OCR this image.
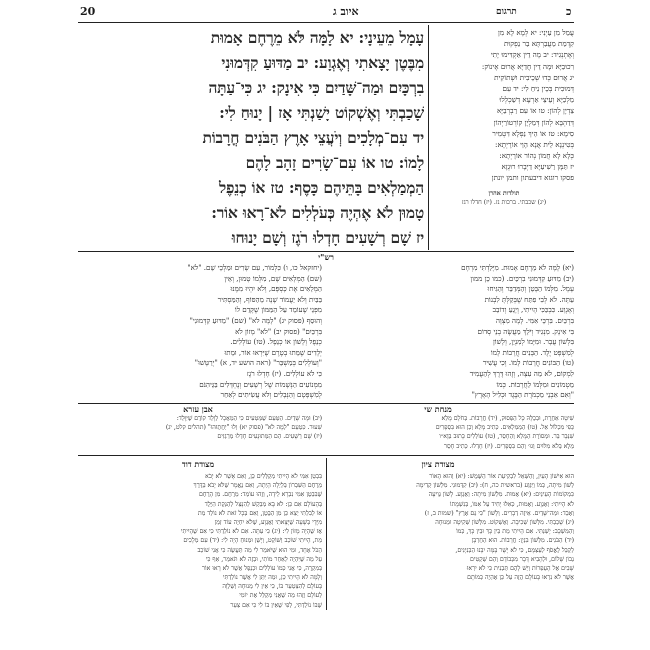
20	איוב ג	כ
תרגום
עָמָל מֵעֵינָי: יא לָמָּה לֹּא מֵרֶחֶם אָמוּת
מִבֶּטֶן יָצָאתִי וְאֶגְוָע: יב מַדּוּעַ קִדְּמוּנִי
בִרְכָּיִם וּמַה־שָּׁדַיִם כִּי אִינָק: יג כִּי־עַתָּה
שָׁכַבְתִּי וְאֶשְׁקוֹט יָשַׁנְתִּי אָז | יָנוּחַ לִי:
יד עִם־מְלָכִים וְיֹעֲצֵי אָרֶץ הַבֹּנִים חֳרָבוֹת
לָמוֹ: טו אוֹ עִם־שָׂרִים זָהָב לָהֶם
הַמְמַלְאִים בָּתֵּיהֶם כָּסֶף: טז אוֹ כְנֵפֶל
טָמוּן לֹא אֶהְיֶה כְּעֹלְלִים לֹא־רָאוּ אוֹר:
יז שָׁם רְשָׁעִים חָדְלוּ רֹגֶז וְשָׁם יָנוּחוּ
עֲמַל מִן עַיְנִי: יא לְמָא לָא מִן
קִדְמַת מַעֲבַרְתָּא בַר נַפְקוּת
וְאֶתְנְגִיד: יב מָה דֵין אַקְדִּימוּ יָתִי
רִכוּבַיָּא וּמָה דֵין חֲדַיָּא אֲרוּם אֶינוֹק:
יג אֲרוּם כְּדוּ שְׁכֵיבִית וּשְׁתוֹקִית
דְּמוּכִית בְּכֵין נִיחַ לִי: יד עִם
מַלְכַיָּא וְעֵיצֵי אַרְעָא דְשַׁכְלְלוּ
צַדְיָן לְהוֹן: טו אוֹ עִם רַבְרְבַיָּא
דְּדַהְבָּא לְהוֹן דְּמַלְיָן קוֹרְטוֹרַיְהוֹן
סִימָא: טז אוֹ הֵיךְ נַפְלָא דִּטְמִיר
בְּטִינְנָא לֵית אֲנָא הָוֵי אוֹרָיְתָא:
כְּלָא לָא חֲמוֹן נְהוֹר אוֹרָיְתָא:
יז תַּמָּן רַשִׁיעַיָּא דַיְבָרוּ רוּגְזָא
פסקו רוגזא דיבעתון ותמן יונתן
תולדות אהרן
(יג) שכבתי. ברכות נז. (יז) חדלו רגז
רש"י
(יא) לָמָּה לֹא מֵרֶחֶם אָמוּת. מִיָּלַדְתִּי מִרְחָם
(יב) מַדּוּעַ קִדְּמוּנִי בִרְכַּיִם. (כמו כֵן ממון
עָמָל. מִלְּמוֹ הַבָּטֵן וְהַמְּדַבֵּר וְהַגִּיחוּ
עַתָּה. לֹא לְבִי פִתַּח שֶׁבְּקַלְּתָּ לִבְנוֹת
וְאָגְוָע. כִּבְכַּכִּי הָיִיתִי, וְיָגֵעַ וְדוֹבֵב
בִּרְכַּיִם. בִּרְכֵּי אִמִּי. לָמָה מִצְוָה
בִּי אִינָק. מִנְגִיד וְיֹלֵךְ מַעֲשֶׂה בְנֵי סְדוֹם
בִּלְשׁוֹן עֲבָר. וּמִיָּמוֹ לְמִנְיַן, וְלָשׁוֹן
לְמִשְׁפָּט יֶלֶד. הַבָּנִים חֳרָבוֹת לָמוֹ
(טו) הַבּוֹנִים חֳרָבוֹת לָמוֹ. וְכִי עֲשִׁיר
לִמְקוֹם, לֹא מַה עִצָה, וְזֶהוּ דֶּרֶךְ לְהַעֲמִיד
מַטְמוֹנִים וּמִלְּמוֹ לַחֲרָבוֹת. כְּמוֹ
"וְאִם אַבְנֵי מַכְמֹרֶת הַבֶּגֶד וּכְלִיל הָאָרֶץ"
(יחזקאל כו, ו) כִּלְמוֹר, עִם שָׂרִים וּמַלְכֵי שֵׁם. "לֹא"
(שם) הַמְּלָאִים שָׁם, מִלְּמוֹ טָמוּן, וְאֵין
הַמְּלֵאִים אֶת כָּסְפָּם, וְלֹא יִהְיוּ מִמֶּנּוּ
בַּבַּיִת וְלֹא יַעֲמוֹד שָׁנָה מֵהַסּוֹף, וְהַמַּסְתִּיר
מִפְּנֵי שֶׁעוֹמֵד עַל הַמַּמּוֹן שֶׁקָּדַם לוֹ
וְהוּסַף (פסוק יג) "לָמָּה לֹא" (שם) "מַדּוּעַ קִדְּמוּנִי"
בִּרְכַּיִם" (פסוק יב) "לֹא" מָזוֹן לֹא
כְנֵפֶל וְלָשׁוֹן אוֹ כְנֵפֶל. (טז) עוֹלְלִים.
יְלָדִים שֶׁמֵּתוּ בְטֶרֶם שֶׁיִּרְאוּ אוֹר, וּמֵתוּ
"וְעוֹלְלִים בְּמַשְׁבֵּר" (ראה הושע יד, א) "יְרַטָּשׁוּ"
כִּי לֹא עוֹלְלִים. (יז) חָדְלוּ רֹגֶז
מִמְּנוֹעִים הַנְּשָׁמוֹת שֶׁל רְשָׁעִים וְנֶחְדָּלִים בַּגֵּיהִנֹּם
לְמִשְׁפָּטָם וְהַנְּבָלִים וְלֹא עֲשִׂיתִים לְאַחַר
מנחת שי
אבן עזרא
שִׁיטָה אַחֶרֶת, וּבְכֻלָּהּ כָּל הַפְּסוּק, (יד) חֳרָבוֹת. בְּחֹלָם מָלֵא
כְּפִי מִכְלוֹל אֵל. (טו) הַמְמַלְאִים. כְּתִיב מָלֵא וְכֵן הוּא בִּסְפָרִים
שִׁנְּבָר בְּר. וּמְסוֹרֶת הַמָּלֵא וְהַחָסֵר, (טז) עוֹלְלִים כָּתוּב בְּוָא״ו
מֵלֶא בְּלֹא מִלּוּיִם וְגוּ׳ וְהֵם בִּסְפָרִים. (יז) חָדְלוּ. כְּתִיב חָסֵר
(יב) וּמָה שָׁדַיִם. הַטַּעַם שֶׁמַּטְעִים כִּי הַמַּאֲכָל לְוָלַד קוֹדֶם שֶׁיִּוָּלֵד:
שִׁעוּר. כִּטַעַם "לְמָה לֹא" (פסוק יא) וְלוּ "יַחֲתֻוּהוּ" (תהלים קלט, יג)
(יז) שָׁם רְשָׁעִים. הֵם הַמְּתוּנָעִים חָדְלוּ מְרַגְזִים
מצודת ציון
מצודת דוד
הוּא אִישׁוֹן הָעַיִן, וְהַשְּׁאֵל לִבְקִיעַת אוֹר הַשֶּׁמֶשׁ: (יא) וְהוּא הָאוֹר
לְשׁוֹן מִיתָה, כְּמוֹ וַיִּגְוַע (בראשית כה, ח): (יב) קִדְּמוּנִי. מִלְּשׁוֹן קְדִימָה
כִּמְקוֹמוֹת הָעֵינַיִם: (יא) אָמוּת. מִלְּשׁוֹן מִיתָה: וְאֶגְוָע. לָשׁוֹן גְּוִיעָה
לֹא הָיִיתִי: וְאֶגְוָע. וְאָמוּת, כְּאִלּוּ יָחִיד עַל אִמּוֹ, בְּנִשְׁמָתוֹ
וְאָבֵד: וּמַה־שָּׁדַיִם. אֵיזֶה דְבָרִים. וְלָשׁוֹן "כִּי גַּם אָרֶץ" (שמות ב, ז)
(יג) שָׁכַבְתִּי. מִלְּשׁוֹן שְׁכִיבָה. וְאֶשְׁקוֹט. מִלְּשׁוֹן שְׁקִיטָה וּמְנוּחָה
וְהַמִּשְׁכָּב: יָשַׁנְתִּי. אִם הָיִיתִי מֵת בֵּין כָּךְ וּבֵין כָּךְ, כְּמוֹ
(יד) הַבֹּנִים. מִלְּשׁוֹן בִּנְיָן: חֳרָבוֹת. הוּא הַחֻרְבָּן
לְקַבֵּל לֶאֱסֹף לְעַצְמָם, כִּי לֹא יָשָׁר בָּמָּה יִבָּנוּ הַבְּנִיָּנִים,
נְבוֹן שָׁלוֹם, וּלְהָבִיא דָּבָר מִכְּבוֹדָם וְהֵם שְׁקֵטִים
שָׁבִים אֶל הָעַפְרוֹת וְיֵשׁ לָהֶם תַּבְנִית כִּי לֹא יִרְאוּ
אֲשֶׁר לֹא נִרְאוּ בָּעוֹלָם הֲזֶה עַל כֵּן אֶהְיֶה כְּמוֹתָם
בִּבְטַן אִמִּי לֹא הָיִיתִי מְקַלְּלִים כֵּן, וְאִם אָשֵׁר לֹא יָבֹא
מֵרֶחֶם הַשִּׁבְרוֹן בְּלַיְלָה הָיְתָה, וְאִם נֶאֱמָר שֶׁלֹּא יָבֹא בַּדֶּרֶךְ
שֶׁבִּבְטֶן אִמִּי נִבְרָא לֵידָה, וְזֶהוּ עוֹמֵד: מֵרֶחֶם. מִן הָרֶחֶם
בְּהָעוֹלָם אִם כֵּן: לֹא בָּא מְבַקְשׁ לְהִנָּצֵל לְהַנְּקַת הַיֶּלֶד
אוֹ לְבִלְתִּי יֵצֵא כֵּן מִן הַבֶּטֶן, וְאִם בְּכָל זֹאת לֹא נוֹלַד מֵת
מִיָּדָי בְּשָׁעָה שֶׁיָּצָאתִי וְאֶגְוָע, שֶׁלֹּא יִחְיֶה עוֹד זְמַן
אָז שֶׁהָיָה מָזוֹן לִי: (יג) כִּי עַתָּה. אִם לֹא נוֹלַדְתִּי כִּי אִם שֶׁהָיִיתִי
מֵת, הָיִיתִי שׁוֹכֵב וְשׁוֹקֵט, וְיָשֵׁן וּמְנוּחַ הָיָה לִי: (יד) עִם מְלָכִים
הַכֹּל אֶחָד, וּמִי הוּא שֶׁיֹּאמַר לִי מַה תַּעֲשֶׂה כִּי אֲנִי שׁוֹכֵב
עַל מַה שֶּׁיִּהְיֶה לְאַחַר מוֹתִי, וּבְזֶה לֹא תֹּאמַר, אַף כִּי
בְּמִקְרֶה, כִּי אֲנִי כְּמוֹ עוֹלְלִים וּכְנֵפֶל אֲשֶׁר לֹא רָאוּ אוֹר
וְלָמָּה לֹא הָיִיתִי כֵּן, וּמַה יִּתֵּן לִי אֲשֶׁר נוֹלַדְתִּי
בָּעוֹלָם לְהִצְטַעֵר בּוֹ, כִּי אֵין לִי מְנוּחָה וְשַׁלְוָה
לְעוֹלָם וְזֶהוּ מַה שֶׁאֲנִי מְקַלֵּל אֶת יוֹמִי
שֶׁבּוֹ נוֹלַדְתִּי, לְפִי שֶׁאֵין בּוֹ לִי כִּי אִם צַעַר
